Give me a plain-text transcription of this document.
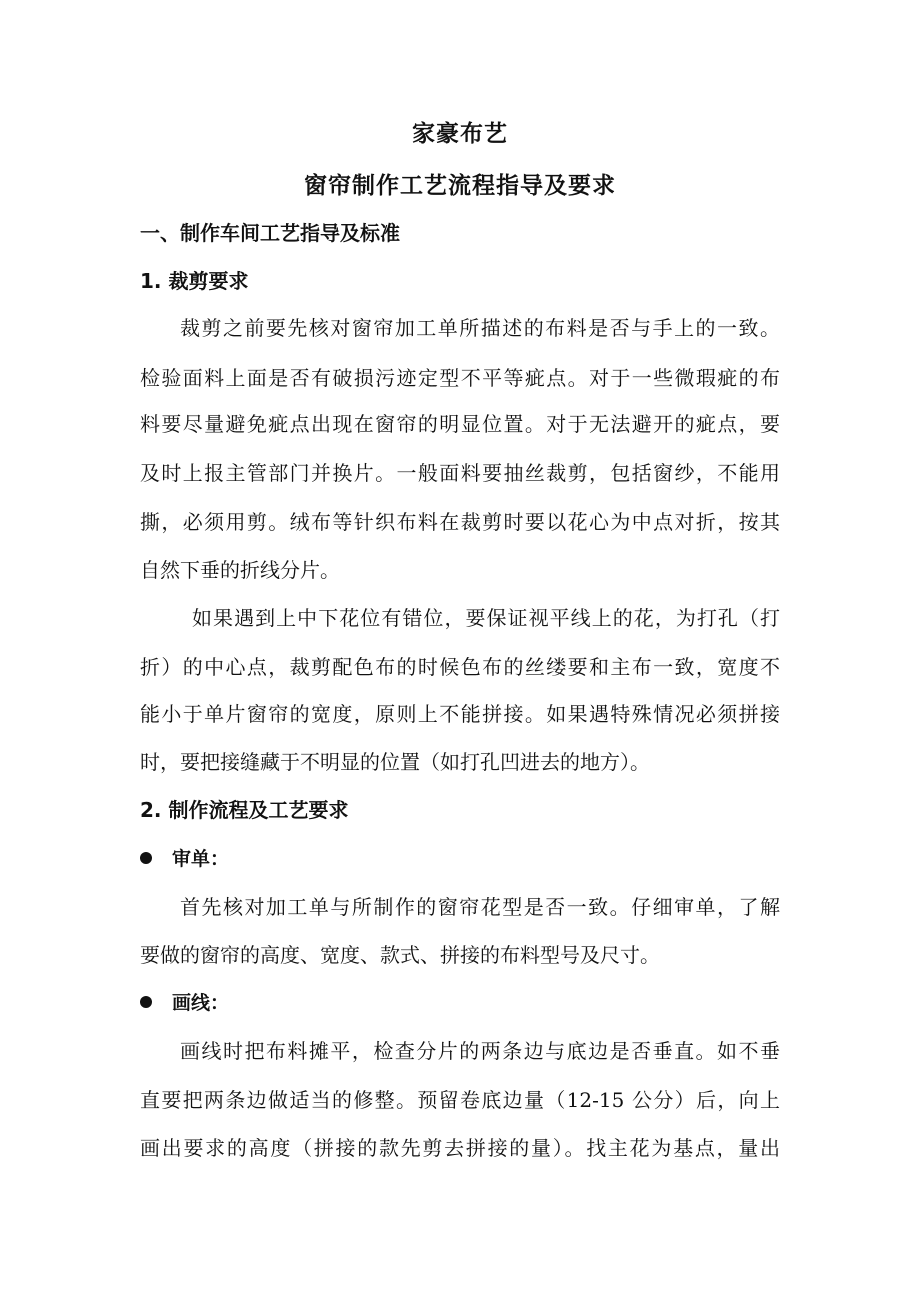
家豪布艺
窗帘制作工艺流程指导及要求
一、制作车间工艺指导及标准
1. 裁剪要求
裁剪之前要先核对窗帘加工单所描述的布料是否与手上的一致。
检验面料上面是否有破损污迹定型不平等疵点。对于一些微瑕疵的布
料要尽量避免疵点出现在窗帘的明显位置。对于无法避开的疵点，要
及时上报主管部门并换片。一般面料要抽丝裁剪，包括窗纱，不能用
撕，必须用剪。绒布等针织布料在裁剪时要以花心为中点对折，按其
自然下垂的折线分片。
如果遇到上中下花位有错位，要保证视平线上的花，为打孔（打
折）的中心点，裁剪配色布的时候色布的丝缕要和主布一致，宽度不
能小于单片窗帘的宽度，原则上不能拼接。如果遇特殊情况必须拼接
时，要把接缝藏于不明显的位置（如打孔凹进去的地方）。
2. 制作流程及工艺要求
审单：
首先核对加工单与所制作的窗帘花型是否一致。仔细审单，了解
要做的窗帘的高度、宽度、款式、拼接的布料型号及尺寸。
画线：
画线时把布料摊平，检查分片的两条边与底边是否垂直。如不垂
直要把两条边做适当的修整。预留卷底边量（12-15 公分）后，向上
画出要求的高度（拼接的款先剪去拼接的量）。找主花为基点，量出
